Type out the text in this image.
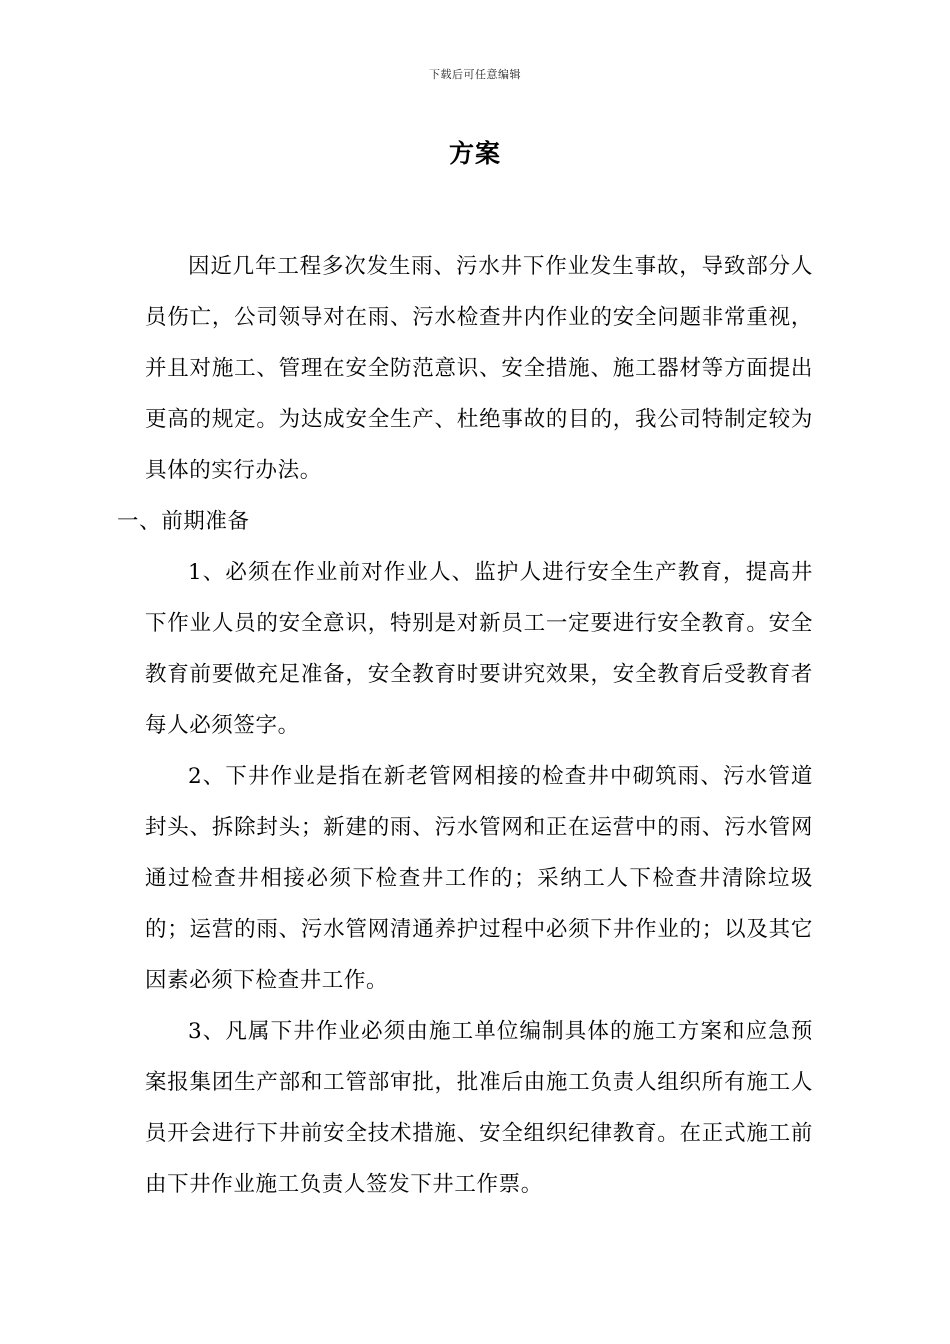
下载后可任意编辑
方案

因近几年工程多次发生雨、污水井下作业发生事故，导致部分人员伤亡，公司领导对在雨、污水检查井内作业的安全问题非常重视，并且对施工、管理在安全防范意识、安全措施、施工器材等方面提出更高的规定。为达成安全生产、杜绝事故的目的，我公司特制定较为具体的实行办法。

一、前期准备

1、必须在作业前对作业人、监护人进行安全生产教育，提高井下作业人员的安全意识，特别是对新员工一定要进行安全教育。安全教育前要做充足准备，安全教育时要讲究效果，安全教育后受教育者每人必须签字。

2、下井作业是指在新老管网相接的检查井中砌筑雨、污水管道封头、拆除封头；新建的雨、污水管网和正在运营中的雨、污水管网通过检查井相接必须下检查井工作的；采纳工人下检查井清除垃圾的；运营的雨、污水管网清通养护过程中必须下井作业的；以及其它因素必须下检查井工作。

3、凡属下井作业必须由施工单位编制具体的施工方案和应急预案报集团生产部和工管部审批，批准后由施工负责人组织所有施工人员开会进行下井前安全技术措施、安全组织纪律教育。在正式施工前由下井作业施工负责人签发下井工作票。
